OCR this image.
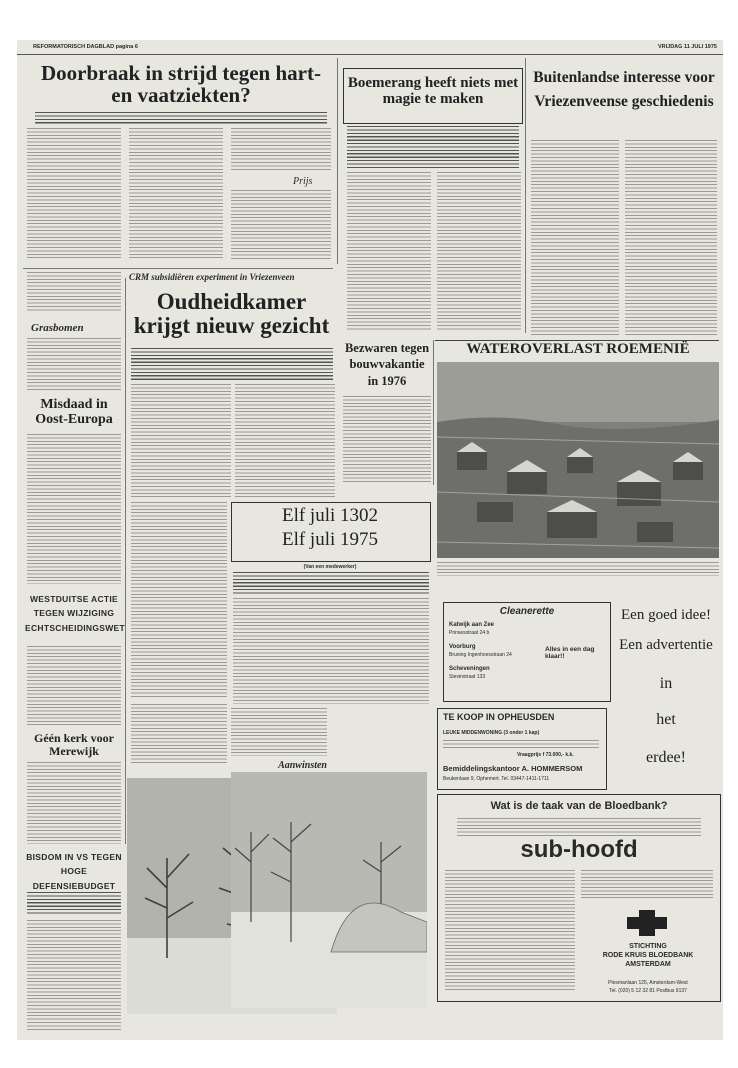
REFORMATORISCH DAGBLAD pagina 6	VRIJDAG 11 JULI 1975
Doorbraak in strijd tegen hart- en vaatziekten?
Prijs
Boemerang heeft niets met magie te maken
Buitenlandse interesse voor Vriezenveense geschiedenis
CRM subsidiëren experiment in Vriezenveen
Oudheidkamer krijgt nieuw gezicht
Grasbomen
Misdaad in Oost-Europa
WESTDUITSE ACTIE TEGEN WIJZIGING ECHTSCHEIDINGSWET
Géén kerk voor Merewijk
BISDOM IN VS TEGEN HOGE DEFENSIEBUDGET
Bezwaren tegen bouwvakantie in 1976
WATEROVERLAST ROEMENIË
Elf juli 1302
Elf juli 1975
(Van een medewerker)
Aanwinsten
Cleanerette
Katwijk aan Zee
Prinsesstraat 24 b
Voorburg
Bruning Ingenhoesstraan 24
Scheveningen
Stevinstraat 133
Alles in een dag klaar!!
Een goed idee!
Een advertentie
in
het
erdee!
TE KOOP IN OPHEUSDEN
LEUKE MIDDENWONING (3 onder 1 kap)
Vraagprijs f 73.000,- k.k.
Bemiddelingskantoor A. HOMMERSOM
Beukenlaan 9, Ophemert. Tel. 03447-1411-1711
Wat is de taak van de Bloedbank?
sub-hoofd
STICHTING
RODE KRUIS BLOEDBANK
AMSTERDAM
Plesmanlaan 125, Amsterdam-West
Tel. (020) 5 12 32 81 Postbus 9137
